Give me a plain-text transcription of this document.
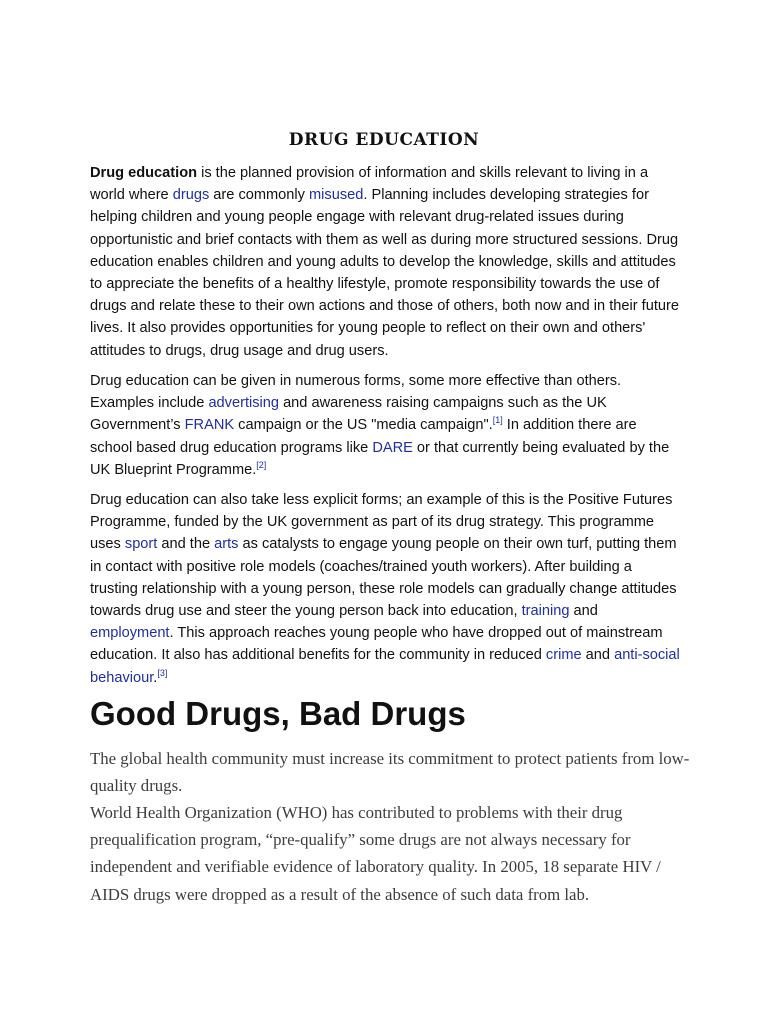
DRUG EDUCATION

Drug education is the planned provision of information and skills relevant to living in a world where drugs are commonly misused. Planning includes developing strategies for helping children and young people engage with relevant drug-related issues during opportunistic and brief contacts with them as well as during more structured sessions. Drug education enables children and young adults to develop the knowledge, skills and attitudes to appreciate the benefits of a healthy lifestyle, promote responsibility towards the use of drugs and relate these to their own actions and those of others, both now and in their future lives. It also provides opportunities for young people to reflect on their own and others' attitudes to drugs, drug usage and drug users.

Drug education can be given in numerous forms, some more effective than others. Examples include advertising and awareness raising campaigns such as the UK Government’s FRANK campaign or the US "media campaign".[1] In addition there are school based drug education programs like DARE or that currently being evaluated by the UK Blueprint Programme.[2]

Drug education can also take less explicit forms; an example of this is the Positive Futures Programme, funded by the UK government as part of its drug strategy. This programme uses sport and the arts as catalysts to engage young people on their own turf, putting them in contact with positive role models (coaches/trained youth workers). After building a trusting relationship with a young person, these role models can gradually change attitudes towards drug use and steer the young person back into education, training and employment. This approach reaches young people who have dropped out of mainstream education. It also has additional benefits for the community in reduced crime and anti-social behaviour.[3]

Good Drugs, Bad Drugs

The global health community must increase its commitment to protect patients from low-quality drugs.

World Health Organization (WHO) has contributed to problems with their drug prequalification program, “pre-qualify” some drugs are not always necessary for independent and verifiable evidence of laboratory quality. In 2005, 18 separate HIV / AIDS drugs were dropped as a result of the absence of such data from lab.
